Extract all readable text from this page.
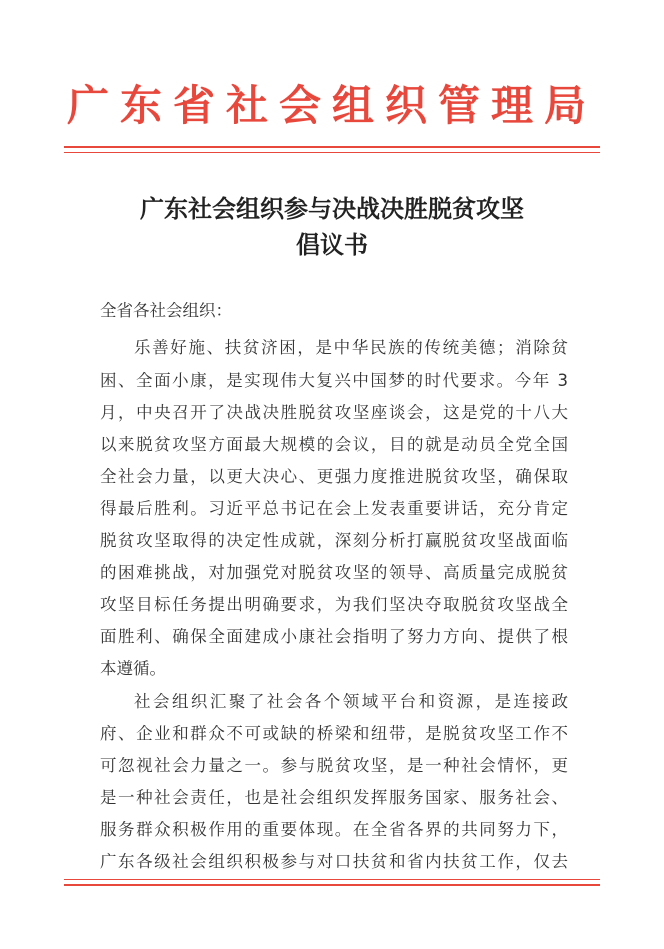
广东省社会组织管理局
广东社会组织参与决战决胜脱贫攻坚
倡议书
全省各社会组织：
乐善好施、扶贫济困，是中华民族的传统美德；消除贫
困、全面小康，是实现伟大复兴中国梦的时代要求。今年 3
月，中央召开了决战决胜脱贫攻坚座谈会，这是党的十八大
以来脱贫攻坚方面最大规模的会议，目的就是动员全党全国
全社会力量，以更大决心、更强力度推进脱贫攻坚，确保取
得最后胜利。习近平总书记在会上发表重要讲话，充分肯定
脱贫攻坚取得的决定性成就，深刻分析打赢脱贫攻坚战面临
的困难挑战，对加强党对脱贫攻坚的领导、高质量完成脱贫
攻坚目标任务提出明确要求，为我们坚决夺取脱贫攻坚战全
面胜利、确保全面建成小康社会指明了努力方向、提供了根
本遵循。
社会组织汇聚了社会各个领域平台和资源，是连接政
府、企业和群众不可或缺的桥梁和纽带，是脱贫攻坚工作不
可忽视社会力量之一。参与脱贫攻坚，是一种社会情怀，更
是一种社会责任，也是社会组织发挥服务国家、服务社会、
服务群众积极作用的重要体现。在全省各界的共同努力下，
广东各级社会组织积极参与对口扶贫和省内扶贫工作，仅去
